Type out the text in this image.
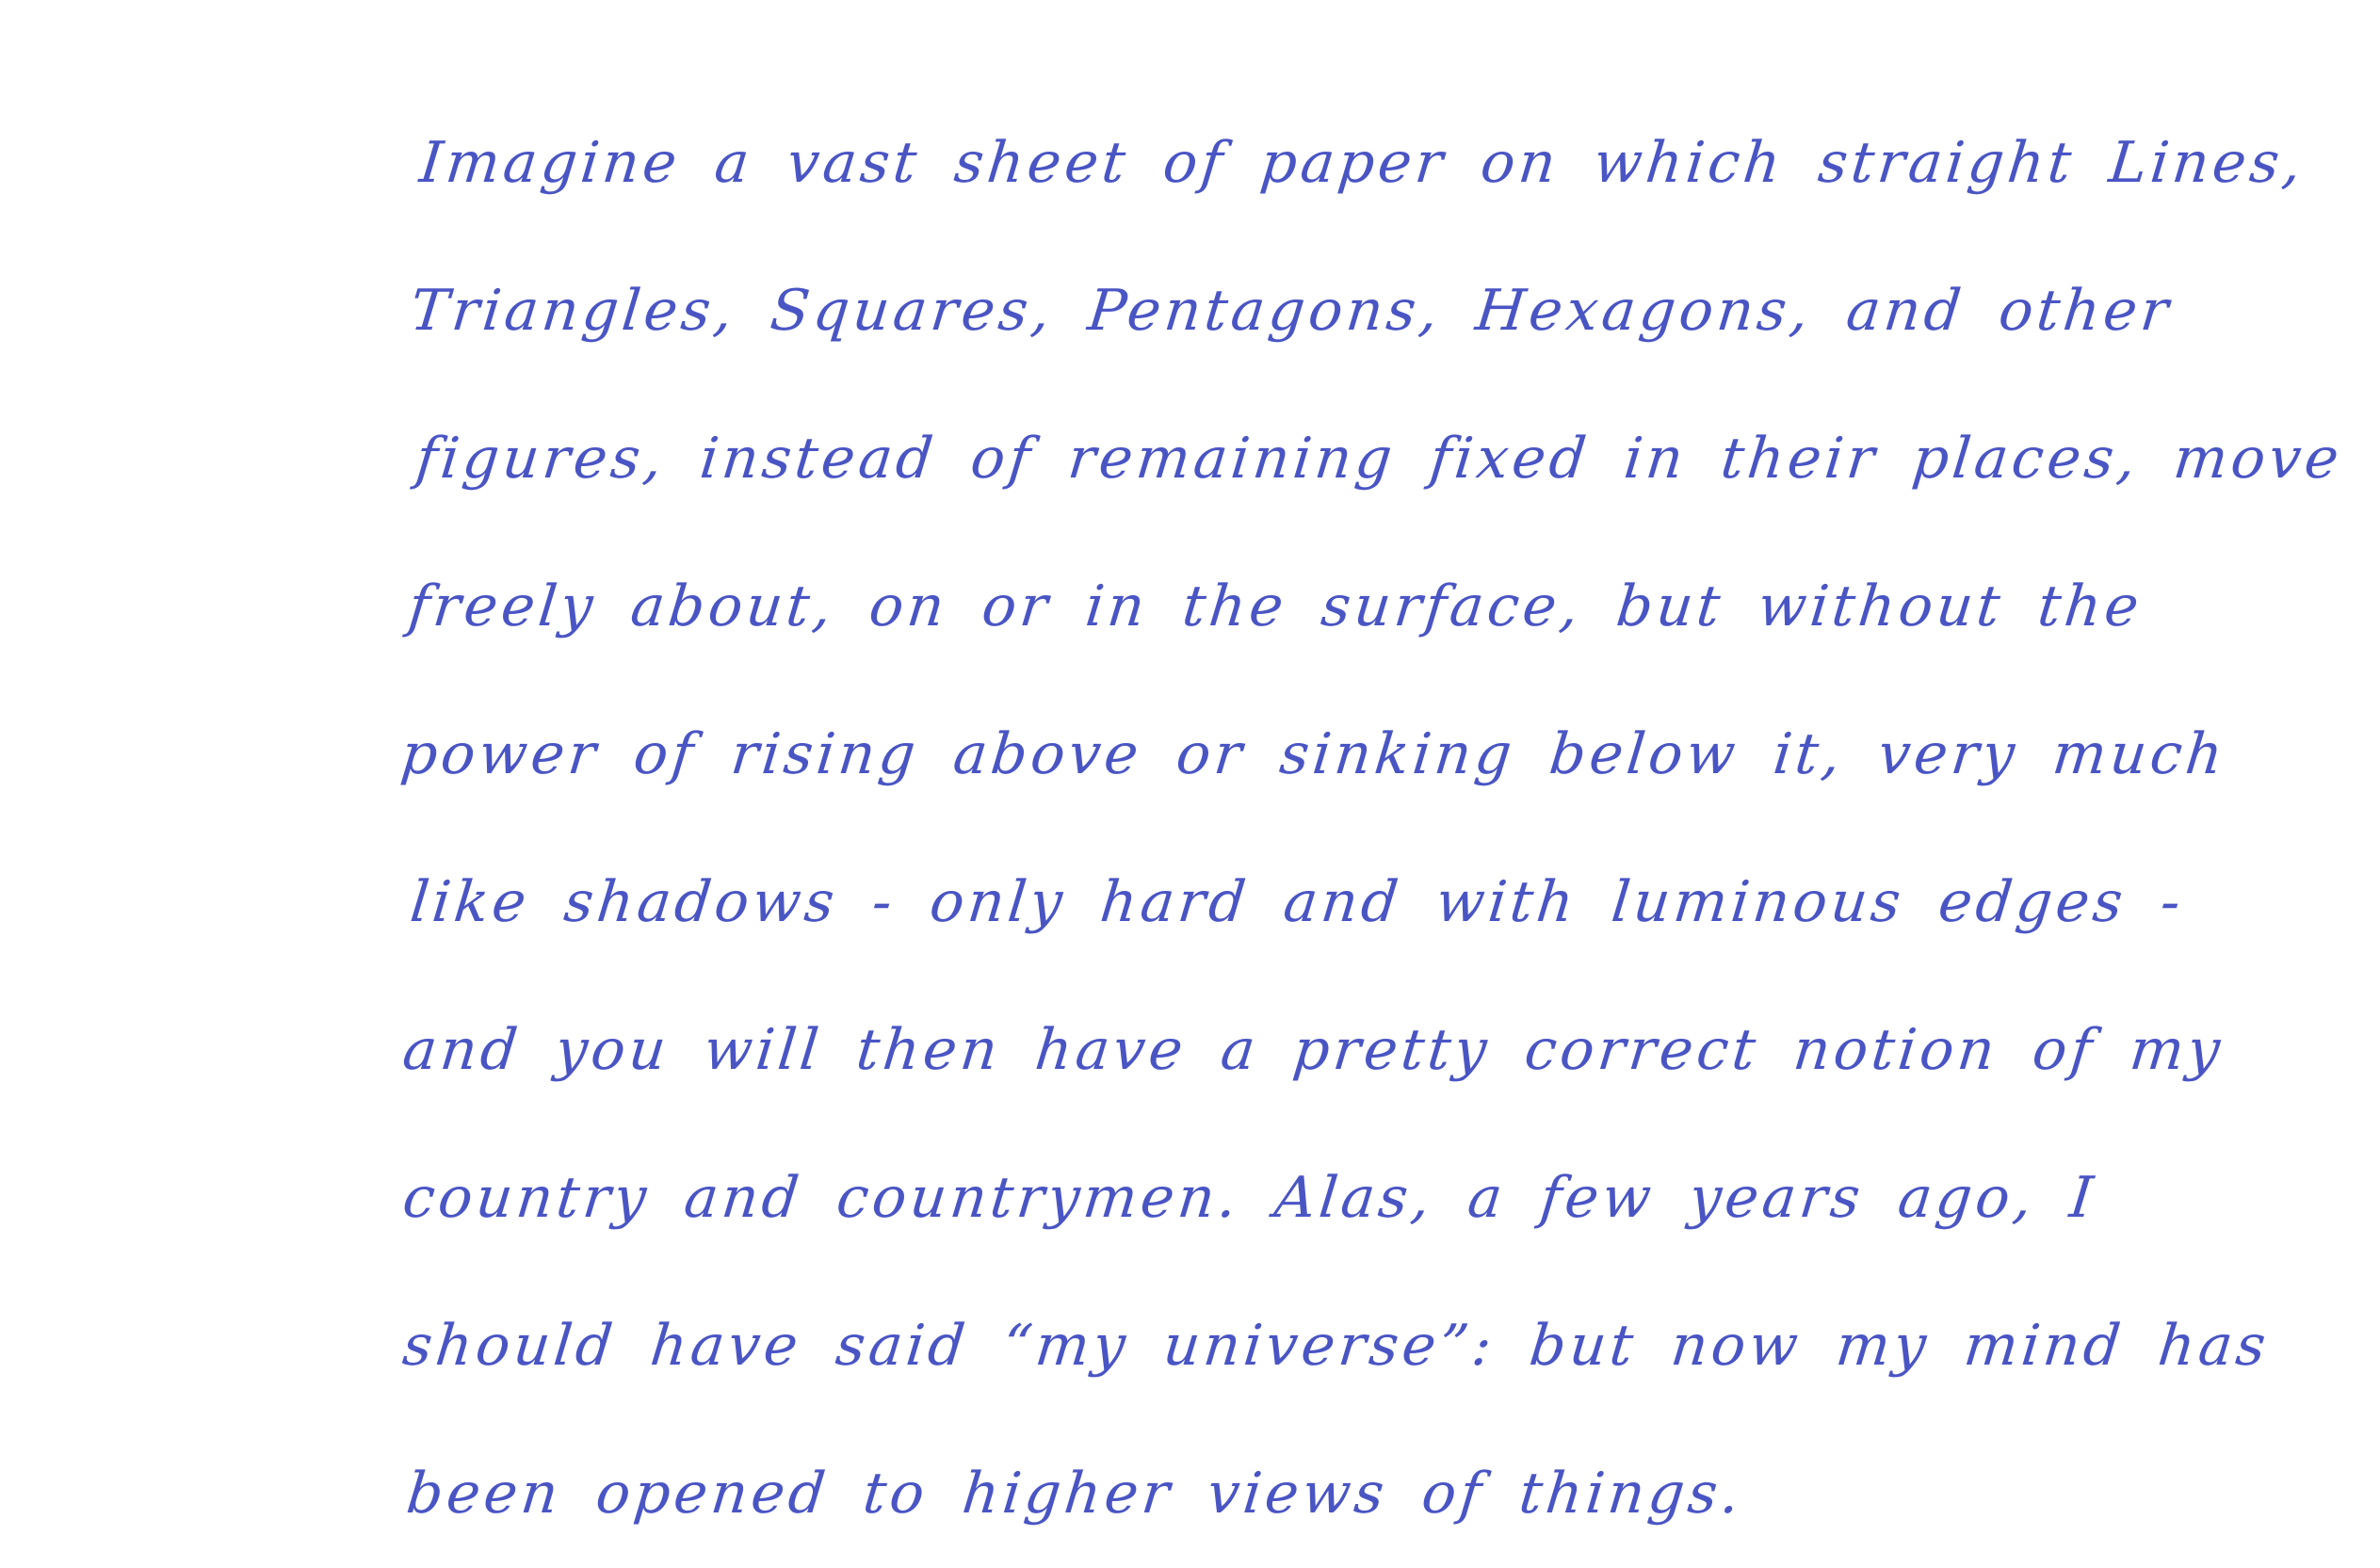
Imagine a vast sheet of paper on which straight Lines,
Triangles, Squares, Pentagons, Hexagons, and other
figures, instead of remaining fixed in their places, move
freely about, on or in the surface, but without the
power of rising above or sinking below it, very much
like shadows - only hard and with luminous edges -
and you will then have a pretty correct notion of my
country and countrymen. Alas, a few years ago, I
should have said “my universe”: but now my mind has
been opened to higher views of things.
